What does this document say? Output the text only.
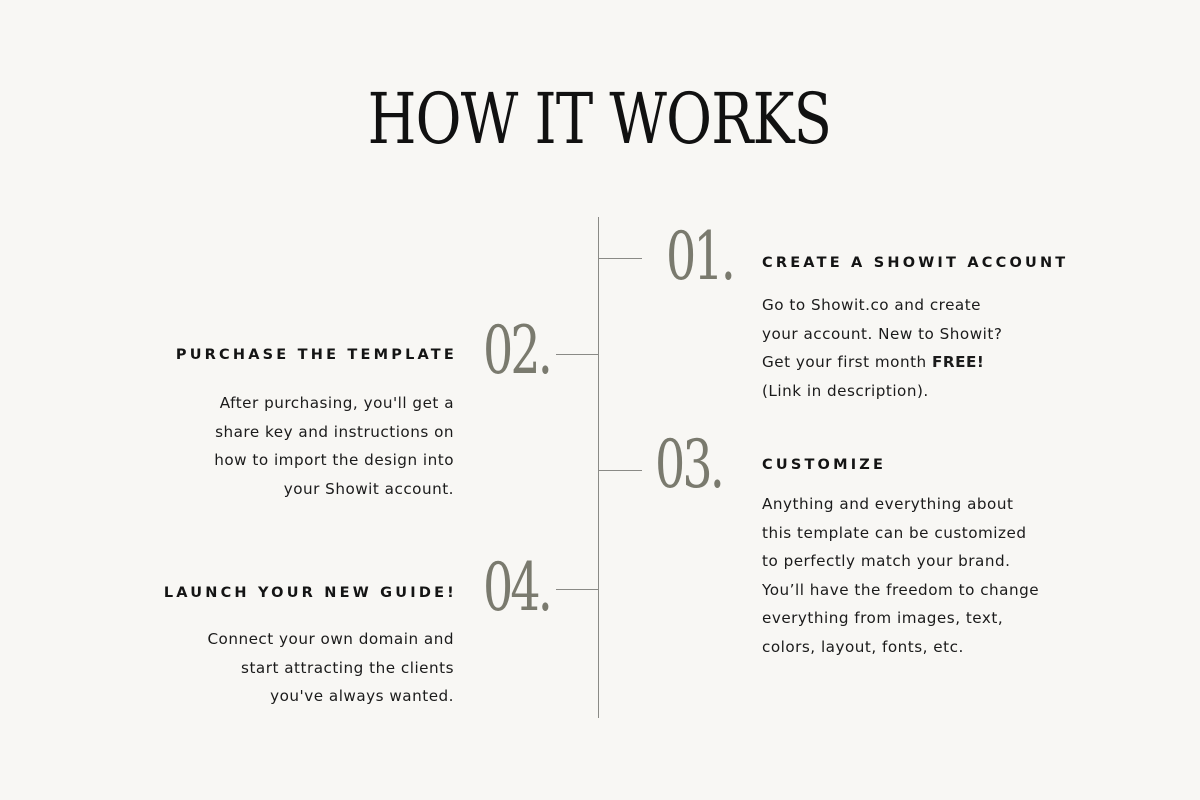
HOW IT WORKS
01. CREATE A SHOWIT ACCOUNT
Go to Showit.co and create
your account. New to Showit?
Get your first month FREE!
(Link in description).
02.
PURCHASE THE TEMPLATE
After purchasing, you'll get a
share key and instructions on
how to import the design into
your Showit account.	03.	CUSTOMIZE
Anything and everything about
this template can be customized
to perfectly match your brand.
You’ll have the freedom to change
everything from images, text,
colors, layout, fonts, etc.
04.
LAUNCH YOUR NEW GUIDE!
Connect your own domain and
start attracting the clients
you've always wanted.
